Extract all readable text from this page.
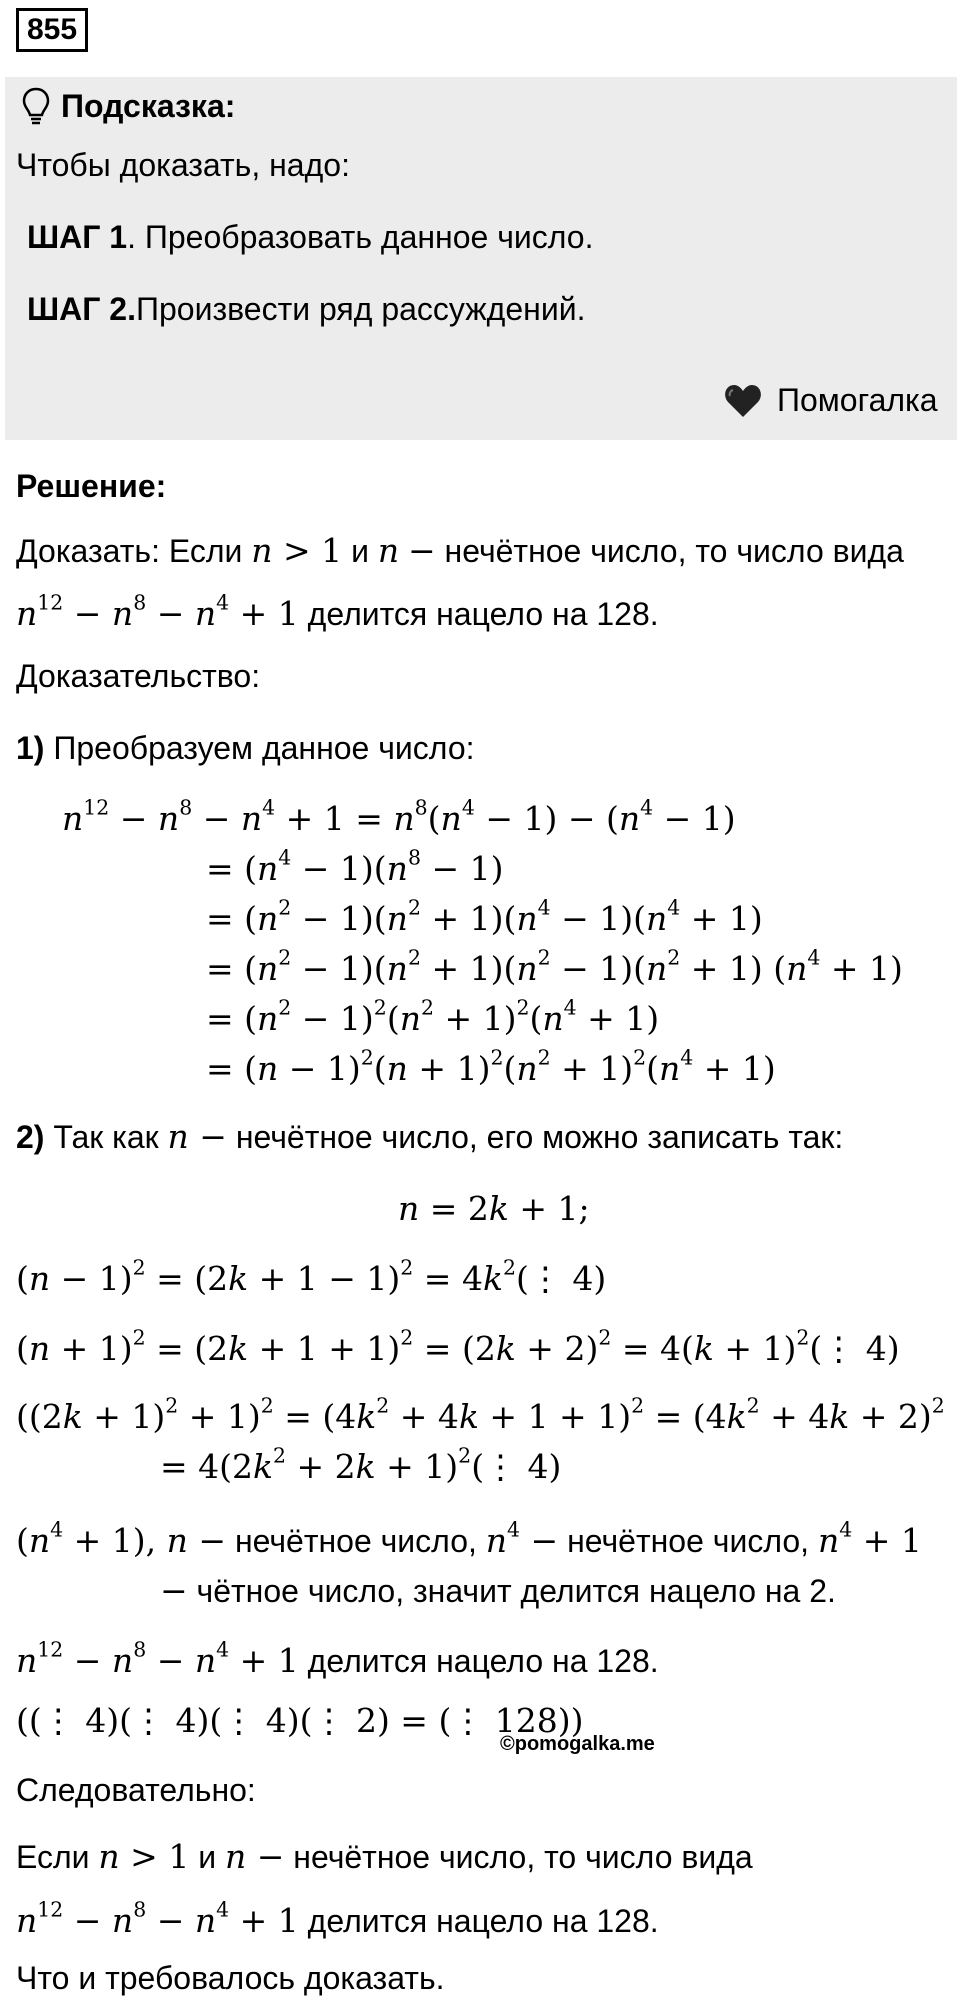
855
Подсказка:
Чтобы доказать, надо:
ШАГ 1. Преобразовать данное число.
ШАГ 2.Произвести ряд рассуждений.
Помогалка
Решение:
Доказать: Если n > 1 и n − нечётное число, то число вида
$n^{12} - n^8 - n^4 + 1$ делится нацело на 128.
Доказательство:
1) Преобразуем данное число:
$n^{12} - n^8 - n^4 + 1 = n^8(n^4 - 1) - (n^4 - 1)$
= $(n^4 - 1)(n^8 - 1)$
= $(n^2 - 1)(n^2 + 1)(n^4 - 1)(n^4 + 1)$
= $(n^2 - 1)(n^2 + 1)(n^2 - 1)(n^2 + 1) (n^4 + 1)$
= $(n^2 - 1)^2(n^2 + 1)^2(n^4 + 1)$
= $(n - 1)^2(n + 1)^2(n^2 + 1)^2(n^4 + 1)$
2) Так как n − нечётное число, его можно записать так:
n = 2k + 1;
$(n - 1)^2 = (2k + 1 - 1)^2$ = $4k^2(⋮$ 4)
$(n + 1)^2 = (2k + 1 + 1)^2 = (2k + 2)^2 = 4(k$ + $1)^2(⋮$ 4)
$((2k + 1)^2 + 1)^2 = (4k^2 + 4k + 1 + 1)^2 = (4k^2 + 4k + 2)^2$
= $4(2k^2 + 2k$ + $1)^2(⋮$ 4)
$(n^4 + 1)$, n − нечётное число, $n^4$ − нечётное число, $n^4 + 1$
− чётное число, значит делится нацело на 2.
$n^{12} - n^8 - n^4 + 1$ делится нацело на 128.
((⋮ 4)(⋮ 4)(⋮ 4)(⋮ 2) = (⋮ 128))
©pomogalka.me
Следовательно:
Если n > 1 и n − нечётное число, то число вида
$n^{12} - n^8 - n^4 + 1$ делится нацело на 128.
Что и требовалось доказать.
